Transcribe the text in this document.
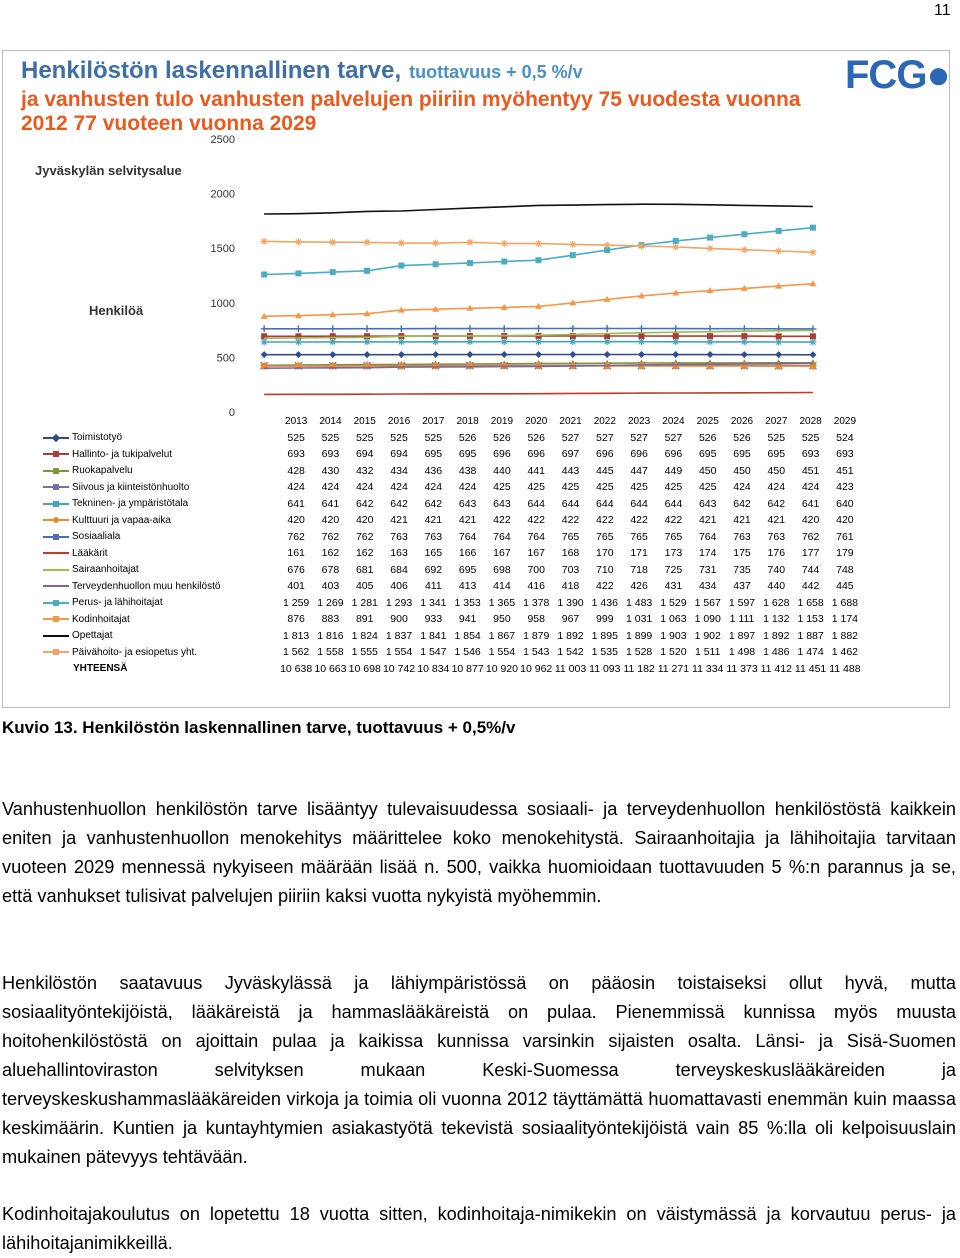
11
Henkilöstön laskennallinen tarve, tuottavuus + 0,5 %/v
ja vanhusten tulo vanhusten palvelujen piiriin myöhentyy 75 vuodesta vuonna
2012 77 vuoteen vuonna 2029
FCG●
Jyväskylän selvitysalue
Henkilöä
0
500
1000
1500
2000
2500
	2013	2014	2015	2016	2017	2018	2019	2020	2021	2022	2023	2024	2025	2026	2027	2028	2029

Toimistotyö	525	525	525	525	525	526	526	526	527	527	527	527	526	526	525	525	524

Hallinto- ja tukipalvelut	693	693	694	694	695	695	696	696	697	696	696	696	695	695	695	693	693

Ruokapalvelu	428	430	432	434	436	438	440	441	443	445	447	449	450	450	450	451	451

Siivous ja kiinteistönhuolto	424	424	424	424	424	424	425	425	425	425	425	425	425	424	424	424	423

Tekninen- ja ympäristötala	641	641	642	642	642	643	643	644	644	644	644	644	643	642	642	641	640

Kulttuuri ja vapaa-aika	420	420	420	421	421	421	422	422	422	422	422	422	421	421	421	420	420

Sosiaaliala	762	762	762	763	763	764	764	764	765	765	765	765	764	763	763	762	761

Lääkärit	161	162	162	163	165	166	167	167	168	170	171	173	174	175	176	177	179

Sairaanhoitajat	676	678	681	684	692	695	698	700	703	710	718	725	731	735	740	744	748

Terveydenhuollon muu henkilöstö	401	403	405	406	411	413	414	416	418	422	426	431	434	437	440	442	445

Perus- ja lähihoitajat	1 259	1 269	1 281	1 293	1 341	1 353	1 365	1 378	1 390	1 436	1 483	1 529	1 567	1 597	1 628	1 658	1 688

Kodinhoitajat	876	883	891	900	933	941	950	958	967	999	1 031	1 063	1 090	1 111	1 132	1 153	1 174

Opettajat	1 813	1 816	1 824	1 837	1 841	1 854	1 867	1 879	1 892	1 895	1 899	1 903	1 902	1 897	1 892	1 887	1 882

Päivähoito- ja esiopetus yht.	1 562	1 558	1 555	1 554	1 547	1 546	1 554	1 543	1 542	1 535	1 528	1 520	1 511	1 498	1 486	1 474	1 462
YHTEENSÄ	10 638	10 663	10 698	10 742	10 834	10 877	10 920	10 962	11 003	11 093	11 182	11 271	11 334	11 373	11 412	11 451	11 488
Kuvio 13. Henkilöstön laskennallinen tarve, tuottavuus + 0,5%/v

Vanhustenhuollon henkilöstön tarve lisääntyy tulevaisuudessa sosiaali- ja terveydenhuollon henkilöstöstä kaikkein eniten ja vanhustenhuollon menokehitys määrittelee koko menokehitystä. Sairaanhoitajia ja lähihoitajia tarvitaan vuoteen 2029 mennessä nykyiseen määrään lisää n. 500, vaikka huomioidaan tuottavuuden 5 %:n parannus ja se, että vanhukset tulisivat palvelujen piiriin kaksi vuotta nykyistä myöhemmin.

Henkilöstön saatavuus Jyväskylässä ja lähiympäristössä on pääosin toistaiseksi ollut hyvä, mutta sosiaalityöntekijöistä, lääkäreistä ja hammaslääkäreistä on pulaa. Pienemmissä kunnissa myös muusta hoitohenkilöstöstä on ajoittain pulaa ja kaikissa kunnissa varsinkin sijaisten osalta. Länsi- ja Sisä-Suomen aluehallintoviraston selvityksen mukaan Keski-Suomessa terveyskeskuslääkäreiden ja terveyskeskushammaslääkäreiden virkoja ja toimia oli vuonna 2012 täyttämättä huomattavasti enemmän kuin maassa keskimäärin. Kuntien ja kuntayhtymien asiakastyötä tekevistä sosiaalityöntekijöistä vain 85 %:lla oli kelpoisuuslain mukainen pätevyys tehtävään.

Kodinhoitajakoulutus on lopetettu 18 vuotta sitten, kodinhoitaja-nimikekin on väistymässä ja korvautuu perus- ja lähihoitajanimikkeillä.
